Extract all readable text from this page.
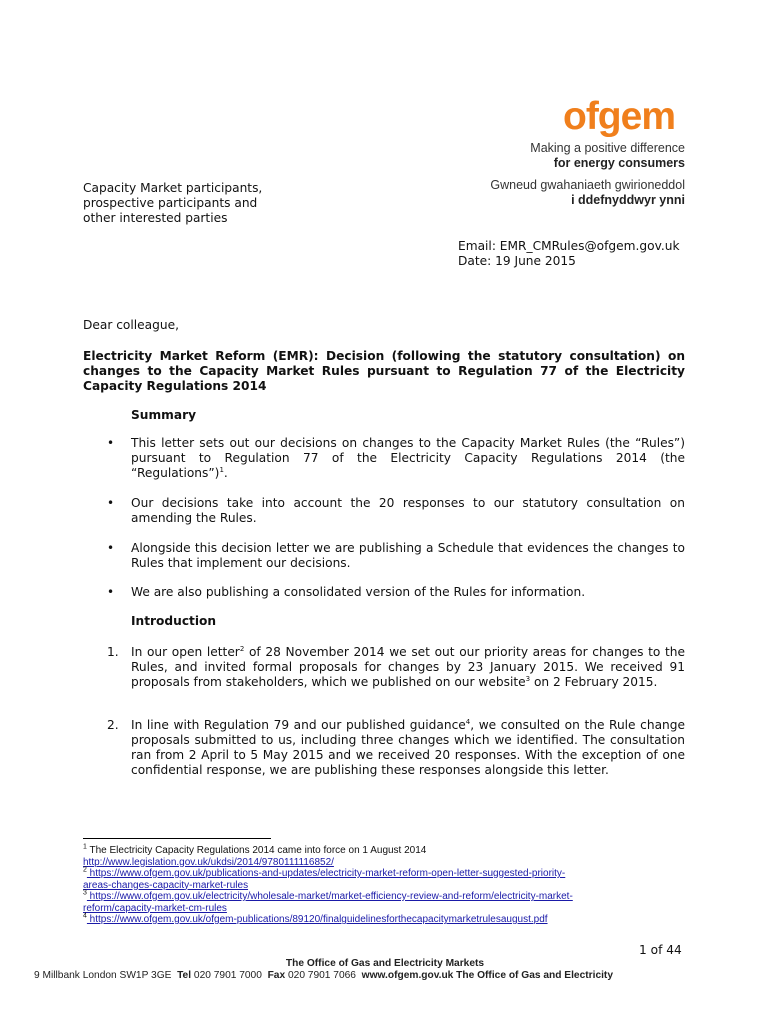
ofgem
Making a positive difference
for energy consumers
Gwneud gwahaniaeth gwirioneddol
i ddefnyddwyr ynni
Capacity Market participants,
prospective participants and
other interested parties
Email: EMR_CMRules@ofgem.gov.uk
Date: 19 June 2015
Dear colleague,
Electricity Market Reform (EMR): Decision (following the statutory consultation) on changes to the Capacity Market Rules pursuant to Regulation 77 of the Electricity Capacity Regulations 2014
Summary
• This letter sets out our decisions on changes to the Capacity Market Rules (the “Rules”) pursuant to Regulation 77 of the Electricity Capacity Regulations 2014 (the “Regulations”)$^1$.
• Our decisions take into account the 20 responses to our statutory consultation on amending the Rules.
• Alongside this decision letter we are publishing a Schedule that evidences the changes to Rules that implement our decisions.
• We are also publishing a consolidated version of the Rules for information.
Introduction
1. In our open letter$^2$ of 28 November 2014 we set out our priority areas for changes to the Rules, and invited formal proposals for changes by 23 January 2015. We received 91 proposals from stakeholders, which we published on our website$^3$ on 2 February 2015.
2. In line with Regulation 79 and our published guidance$^4$, we consulted on the Rule change proposals submitted to us, including three changes which we identified. The consultation ran from 2 April to 5 May 2015 and we received 20 responses. With the exception of one confidential response, we are publishing these responses alongside this letter.
$^1$ The Electricity Capacity Regulations 2014 came into force on 1 August 2014
http://www.legislation.gov.uk/ukdsi/2014/9780111116852/
$^2$ https://www.ofgem.gov.uk/publications-and-updates/electricity-market-reform-open-letter-suggested-priority-
areas-changes-capacity-market-rules
$^3$ https://www.ofgem.gov.uk/electricity/wholesale-market/market-efficiency-review-and-reform/electricity-market-
reform/capacity-market-cm-rules
$^4$ https://www.ofgem.gov.uk/ofgem-publications/89120/finalguidelinesforthecapacitymarketrulesaugust.pdf
1 of 44
The Office of Gas and Electricity Markets
9 Millbank London SW1P 3GE Tel 020 7901 7000 Fax 020 7901 7066 www.ofgem.gov.uk The Office of Gas and Electricity
